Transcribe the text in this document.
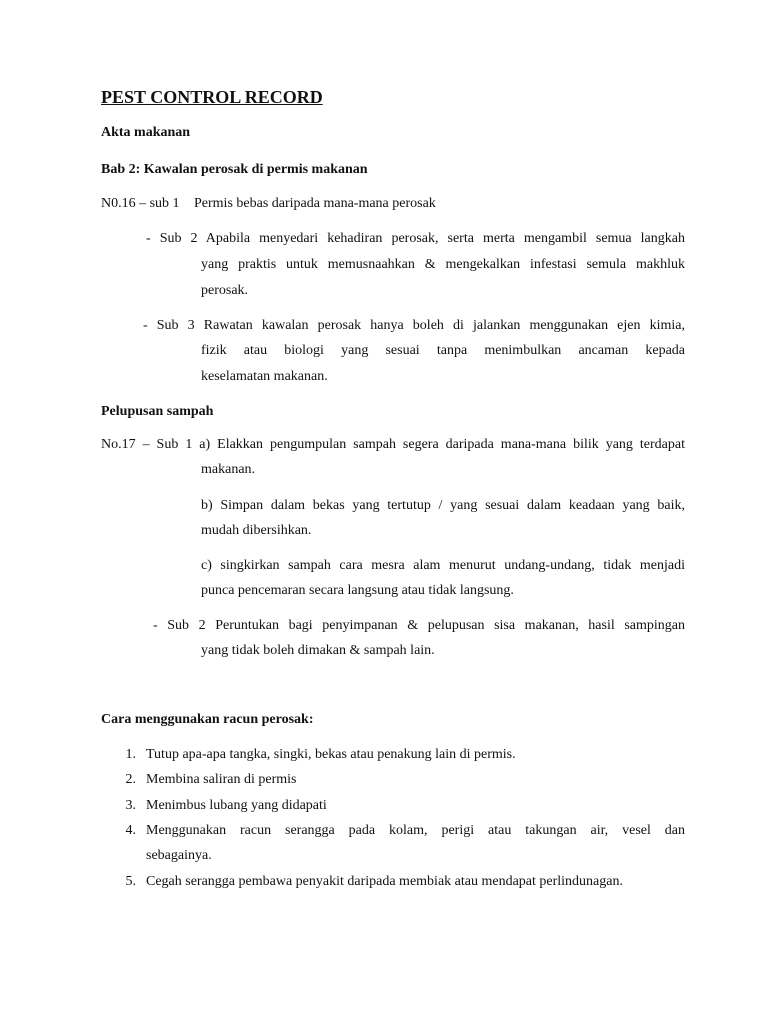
PEST CONTROL RECORD
Akta makanan
Bab 2: Kawalan perosak di permis makanan
N0.16 – sub 1 Permis bebas daripada mana-mana perosak
- Sub 2 Apabila menyedari kehadiran perosak, serta merta mengambil semua langkah
yang praktis untuk memusnaahkan & mengekalkan infestasi semula makhluk
perosak.
- Sub 3 Rawatan kawalan perosak hanya boleh di jalankan menggunakan ejen kimia,
fizik atau biologi yang sesuai tanpa menimbulkan ancaman kepada
keselamatan makanan.
Pelupusan sampah
No.17 – Sub 1 a) Elakkan pengumpulan sampah segera daripada mana-mana bilik yang terdapat
makanan.
b) Simpan dalam bekas yang tertutup / yang sesuai dalam keadaan yang baik,
mudah dibersihkan.
c) singkirkan sampah cara mesra alam menurut undang-undang, tidak menjadi
punca pencemaran secara langsung atau tidak langsung.
- Sub 2 Peruntukan bagi penyimpanan & pelupusan sisa makanan, hasil sampingan
yang tidak boleh dimakan & sampah lain.
Cara menggunakan racun perosak:
1. Tutup apa-apa tangka, singki, bekas atau penakung lain di permis.
2. Membina saliran di permis
3. Menimbus lubang yang didapati
4. Menggunakan racun serangga pada kolam, perigi atau takungan air, vesel dan
sebagainya.
5. Cegah serangga pembawa penyakit daripada membiak atau mendapat perlindunagan.
